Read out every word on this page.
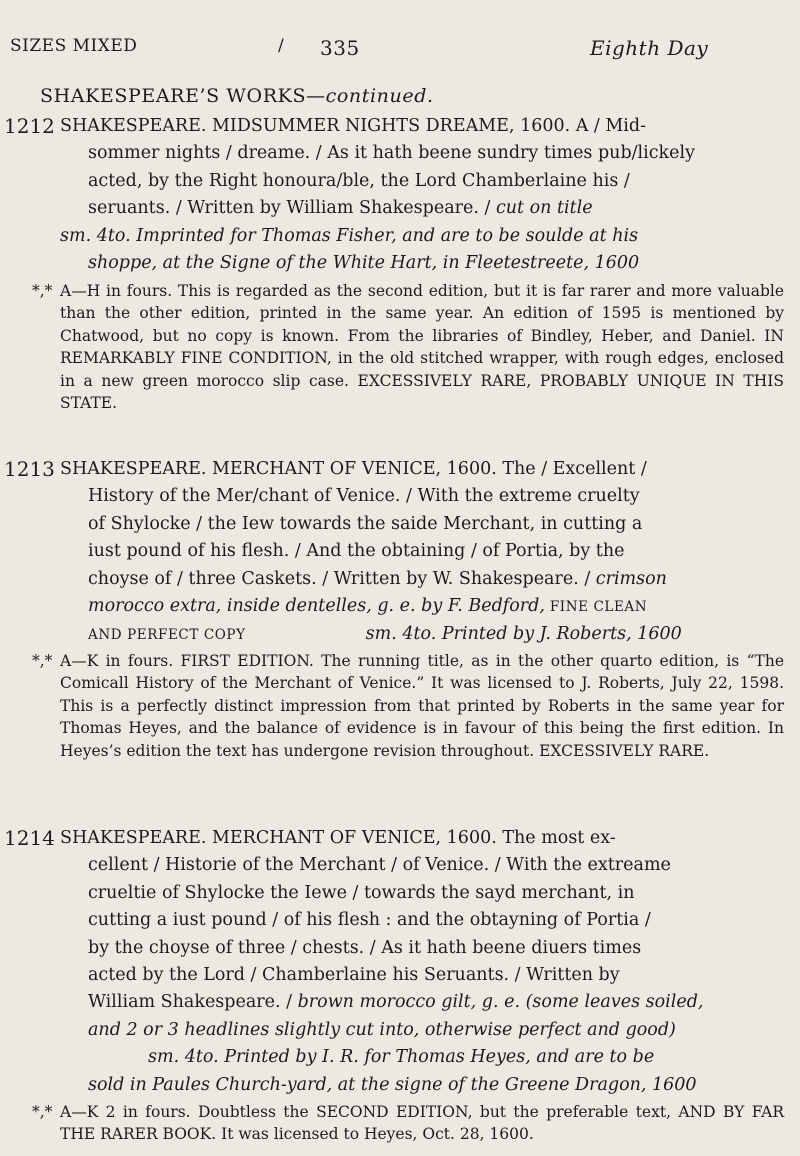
SIZES MIXED	/ 335	Eighth Day
SHAKESPEARE’S WORKS—continued.
1212 SHAKESPEARE. MIDSUMMER NIGHTS DREAME, 1600. A / Mid-

sommer nights / dreame. / As it hath beene sundry times pub/lickely

acted, by the Right honoura/ble, the Lord Chamberlaine his /

seruants. / Written by William Shakespeare. / cut on title

sm. 4to. Imprinted for Thomas Fisher, and are to be soulde at his

shoppe, at the Signe of the White Hart, in Fleetestreete, 1600

*,* A—H in fours. This is regarded as the second edition, but it is far rarer and more valuable than the other edition, printed in the same year. An edition of 1595 is mentioned by Chatwood, but no copy is known. From the libraries of Bindley, Heber, and Daniel. IN REMARKABLY FINE CONDITION, in the old stitched wrapper, with rough edges, enclosed in a new green morocco slip case. EXCESSIVELY RARE, PROBABLY UNIQUE IN THIS STATE.
1213 SHAKESPEARE. MERCHANT OF VENICE, 1600. The / Excellent /

History of the Mer/chant of Venice. / With the extreme cruelty

of Shylocke / the Iew towards the saide Merchant, in cutting a

iust pound of his flesh. / And the obtaining / of Portia, by the

choyse of / three Caskets. / Written by W. Shakespeare. / crimson

morocco extra, inside dentelles, g. e. by F. Bedford, FINE CLEAN

AND PERFECT COPY	sm. 4to. Printed by J. Roberts, 1600

*,* A—K in fours. FIRST EDITION. The running title, as in the other quarto edition, is “The Comicall History of the Merchant of Venice.” It was licensed to J. Roberts, July 22, 1598. This is a perfectly distinct impression from that printed by Roberts in the same year for Thomas Heyes, and the balance of evidence is in favour of this being the first edition. In Heyes’s edition the text has undergone revision throughout. EXCESSIVELY RARE.
1214 SHAKESPEARE. MERCHANT OF VENICE, 1600. The most ex-

cellent / Historie of the Merchant / of Venice. / With the extreame

crueltie of Shylocke the Iewe / towards the sayd merchant, in

cutting a iust pound / of his flesh : and the obtayning of Portia /

by the choyse of three / chests. / As it hath beene diuers times

acted by the Lord / Chamberlaine his Seruants. / Written by

William Shakespeare. / brown morocco gilt, g. e. (some leaves soiled,

and 2 or 3 headlines slightly cut into, otherwise perfect and good)

sm. 4to. Printed by I. R. for Thomas Heyes, and are to be

sold in Paules Church-yard, at the signe of the Greene Dragon, 1600

*,* A—K 2 in fours. Doubtless the SECOND EDITION, but the preferable text, AND BY FAR THE RARER BOOK. It was licensed to Heyes, Oct. 28, 1600.
